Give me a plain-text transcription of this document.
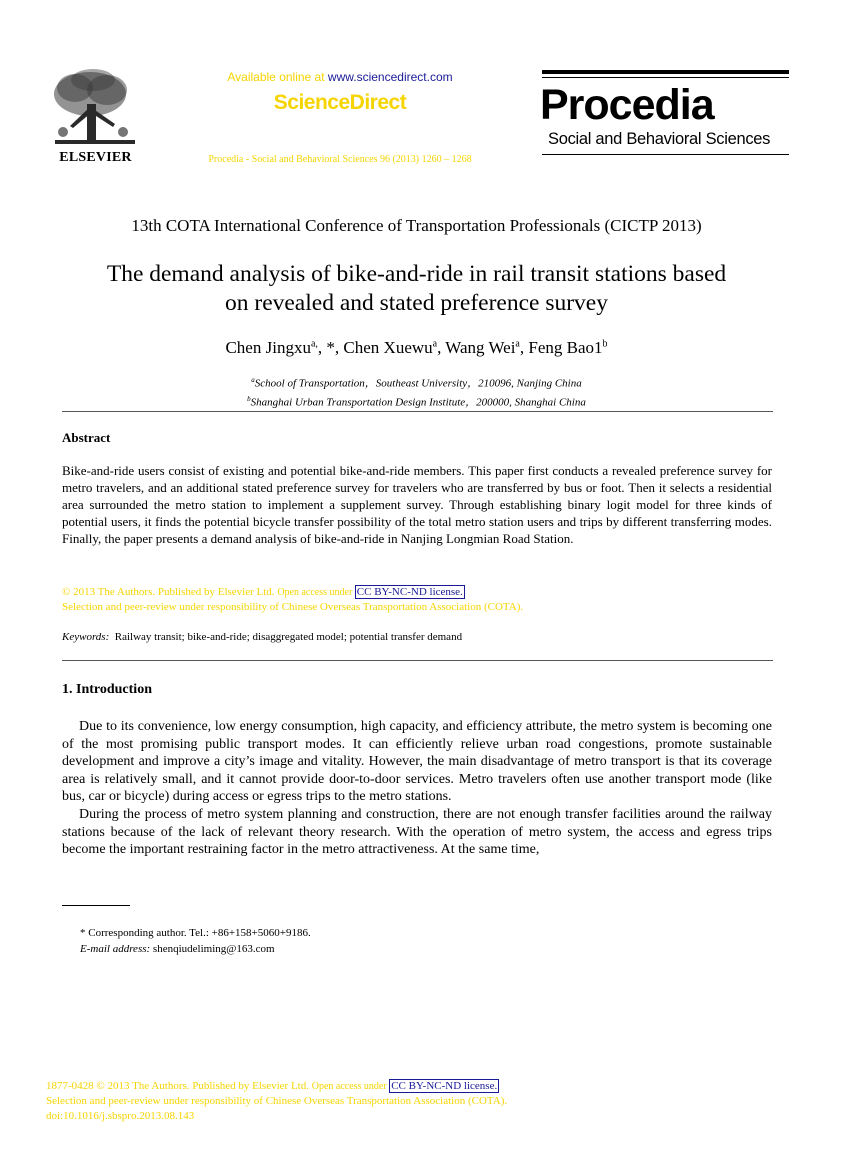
ELSEVIER
Available online at www.sciencedirect.com
ScienceDirect
Procedia - Social and Behavioral Sciences 96 (2013) 1260 – 1268
Procedia
Social and Behavioral Sciences
13th COTA International Conference of Transportation Professionals (CICTP 2013)
The demand analysis of bike-and-ride in rail transit stations based
on revealed and stated preference survey
Chen Jingxu$^{a,}$, *, Chen Xuewu$^a$, Wang Wei$^a$, Feng Bao1$^b$
$^a$School of Transportation，Southeast University，210096, Nanjing China
$^b$Shanghai Urban Transportation Design Institute，200000, Shanghai China
Abstract
Bike-and-ride users consist of existing and potential bike-and-ride members. This paper first conducts a revealed preference survey for metro travelers, and an additional stated preference survey for travelers who are transferred by bus or foot. Then it selects a residential area surrounded the metro station to implement a supplement survey. Through establishing binary logit model for three kinds of potential users, it finds the potential bicycle transfer possibility of the total metro station users and trips by different transferring modes. Finally, the paper presents a demand analysis of bike-and-ride in Nanjing Longmian Road Station.
© 2013 The Authors. Published by Elsevier Ltd. Open access under CC BY-NC-ND license.
Selection and peer-review under responsibility of Chinese Overseas Transportation Association (COTA).
Keywords: Railway transit; bike-and-ride; disaggregated model; potential transfer demand
1. Introduction

Due to its convenience, low energy consumption, high capacity, and efficiency attribute, the metro system is becoming one of the most promising public transport modes. It can efficiently relieve urban road congestions, promote sustainable development and improve a city’s image and vitality. However, the main disadvantage of metro transport is that its coverage area is relatively small, and it cannot provide door-to-door services. Metro travelers often use another transport mode (like bus, car or bicycle) during access or egress trips to the metro stations.

During the process of metro system planning and construction, there are not enough transfer facilities around the railway stations because of the lack of relevant theory research. With the operation of metro system, the access and egress trips become the important restraining factor in the metro attractiveness. At the same time,

* Corresponding author. Tel.: +86+158+5060+9186.
E-mail address: shenqiudeliming@163.com
1877-0428 © 2013 The Authors. Published by Elsevier Ltd. Open access under CC BY-NC-ND license.
Selection and peer-review under responsibility of Chinese Overseas Transportation Association (COTA).
doi:10.1016/j.sbspro.2013.08.143
